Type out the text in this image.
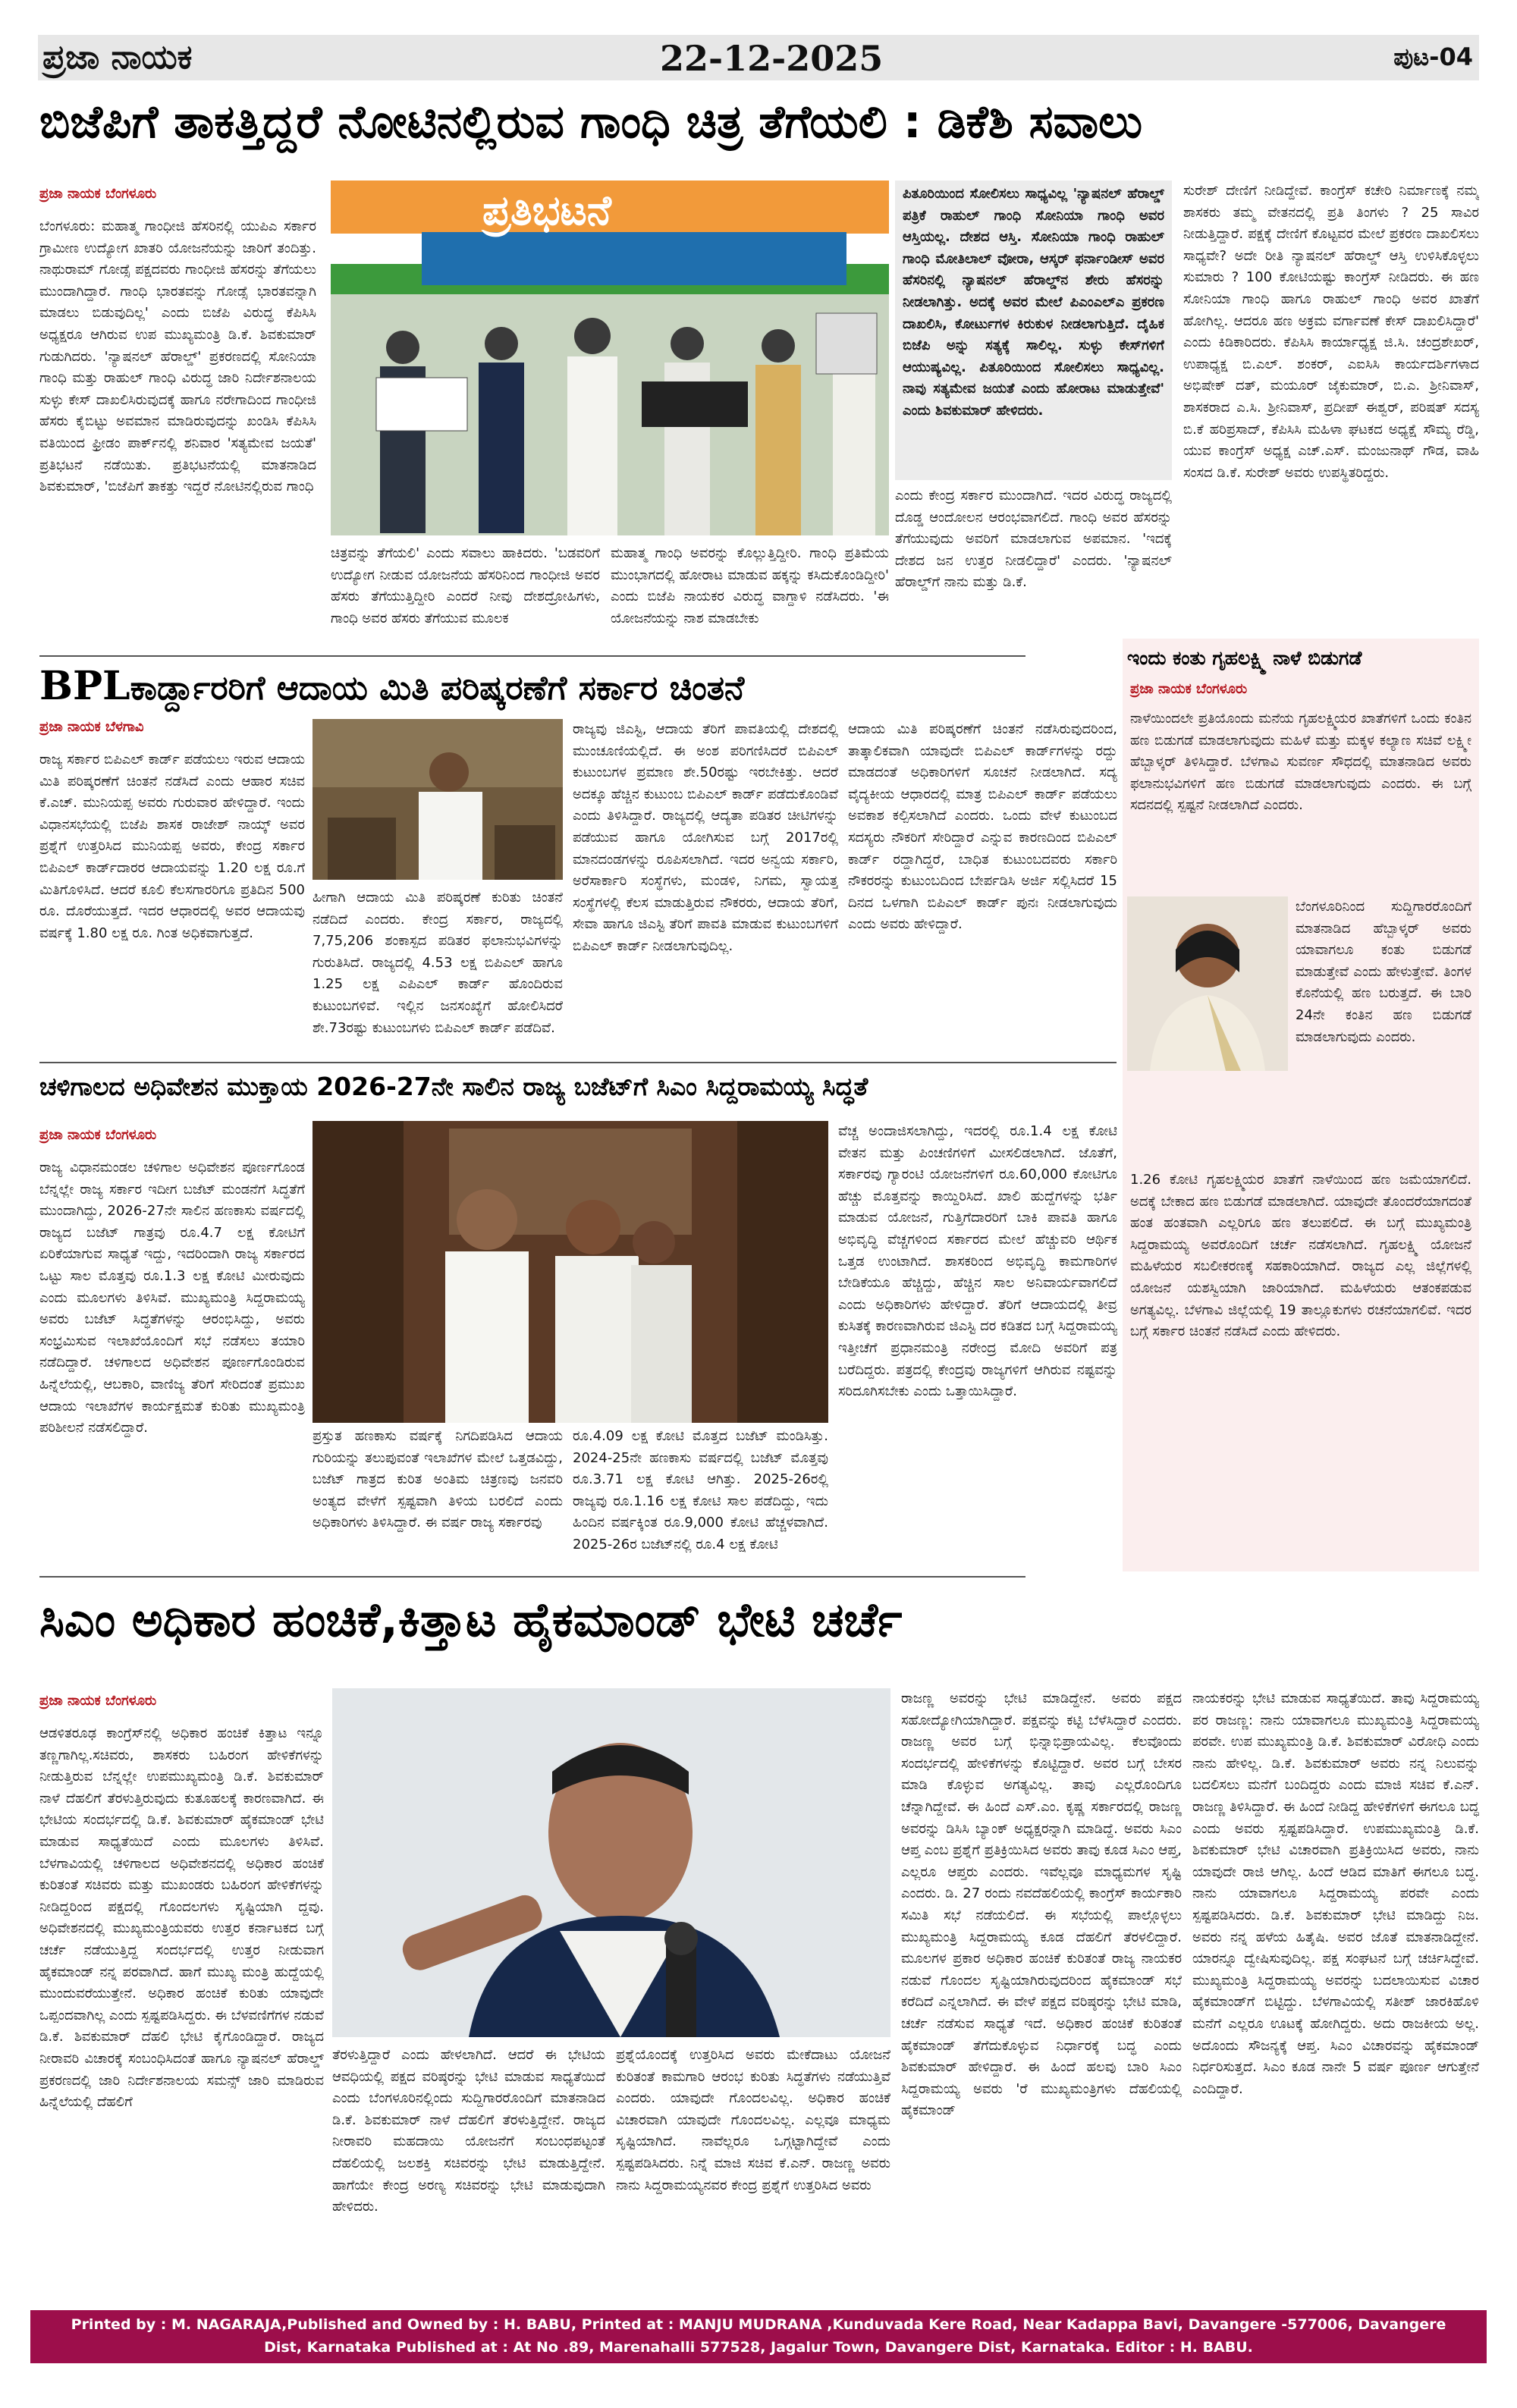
ಪ್ರಜಾ ನಾಯಕ	22-12-2025	ಪುಟ-04
ಬಿಜೆಪಿಗೆ ತಾಕತ್ತಿದ್ದರೆ ನೋಟಿನಲ್ಲಿರುವ ಗಾಂಧಿ ಚಿತ್ರ ತೆಗೆಯಲಿ : ಡಿಕೆಶಿ ಸವಾಲು
ಪ್ರಜಾ ನಾಯಕ ಬೆಂಗಳೂರು
ಬೆಂಗಳೂರು: ಮಹಾತ್ಮ ಗಾಂಧೀಜಿ ಹೆಸರಿನಲ್ಲಿ ಯುಪಿಎ ಸರ್ಕಾರ ಗ್ರಾಮೀಣ ಉದ್ಯೋಗ ಖಾತರಿ ಯೋಜನೆಯನ್ನು ಜಾರಿಗೆ ತಂದಿತ್ತು. ನಾಥುರಾಮ್ ಗೋಡ್ಸೆ ಪಕ್ಷದವರು ಗಾಂಧೀಜಿ ಹೆಸರನ್ನು ತೆಗೆಯಲು ಮುಂದಾಗಿದ್ದಾರೆ. ಗಾಂಧಿ ಭಾರತವನ್ನು ಗೋಡ್ಸೆ ಭಾರತವನ್ನಾಗಿ ಮಾಡಲು ಬಿಡುವುದಿಲ್ಲ' ಎಂದು ಬಿಜೆಪಿ ವಿರುದ್ಧ ಕೆಪಿಸಿಸಿ ಅಧ್ಯಕ್ಷರೂ ಆಗಿರುವ ಉಪ ಮುಖ್ಯಮಂತ್ರಿ ಡಿ.ಕೆ. ಶಿವಕುಮಾರ್ ಗುಡುಗಿದರು. 'ನ್ಯಾಷನಲ್ ಹೆರಾಲ್ಡ್' ಪ್ರಕರಣದಲ್ಲಿ ಸೋನಿಯಾ ಗಾಂಧಿ ಮತ್ತು ರಾಹುಲ್ ಗಾಂಧಿ ವಿರುದ್ಧ ಜಾರಿ ನಿರ್ದೇಶನಾಲಯ ಸುಳ್ಳು ಕೇಸ್ ದಾಖಲಿಸಿರುವುದಕ್ಕೆ ಹಾಗೂ ನರೇಗಾದಿಂದ ಗಾಂಧೀಜಿ ಹೆಸರು ಕೈಬಿಟ್ಟು ಅವಮಾನ ಮಾಡಿರುವುದನ್ನು ಖಂಡಿಸಿ ಕೆಪಿಸಿಸಿ ವತಿಯಿಂದ ಫ್ರೀಡಂ ಪಾರ್ಕ್‌ನಲ್ಲಿ ಶನಿವಾರ 'ಸತ್ಯಮೇವ ಜಯತೆ' ಪ್ರತಿಭಟನೆ ನಡೆಯಿತು. ಪ್ರತಿಭಟನೆಯಲ್ಲಿ ಮಾತನಾಡಿದ ಶಿವಕುಮಾರ್, 'ಬಿಜೆಪಿಗೆ ತಾಕತ್ತು ಇದ್ದರೆ ನೋಟಿನಲ್ಲಿರುವ ಗಾಂಧಿ
ಪ್ರತಿಭಟನೆ
ಚಿತ್ರವನ್ನು ತೆಗೆಯಲಿ' ಎಂದು ಸವಾಲು ಹಾಕಿದರು. 'ಬಡವರಿಗೆ ಉದ್ಯೋಗ ನೀಡುವ ಯೋಜನೆಯ ಹೆಸರಿನಿಂದ ಗಾಂಧೀಜಿ ಅವರ ಹೆಸರು ತೆಗೆಯುತ್ತಿದ್ದೀರಿ ಎಂದರೆ ನೀವು ದೇಶದ್ರೋಹಿಗಳು, ಗಾಂಧಿ ಅವರ ಹೆಸರು ತೆಗೆಯುವ ಮೂಲಕ
ಮಹಾತ್ಮ ಗಾಂಧಿ ಅವರನ್ನು ಕೊಲ್ಲುತ್ತಿದ್ದೀರಿ. ಗಾಂಧಿ ಪ್ರತಿಮೆಯ ಮುಂಭಾಗದಲ್ಲಿ ಹೋರಾಟ ಮಾಡುವ ಹಕ್ಕನ್ನು ಕಸಿದುಕೊಂಡಿದ್ದೀರಿ' ಎಂದು ಬಿಜೆಪಿ ನಾಯಕರ ವಿರುದ್ಧ ವಾಗ್ದಾಳಿ ನಡೆಸಿದರು. 'ಈ ಯೋಜನೆಯನ್ನು ನಾಶ ಮಾಡಬೇಕು
ಪಿತೂರಿಯಿಂದ ಸೋಲಿಸಲು ಸಾಧ್ಯವಿಲ್ಲ 'ನ್ಯಾಷನಲ್ ಹೆರಾಲ್ಡ್ ಪತ್ರಿಕೆ ರಾಹುಲ್ ಗಾಂಧಿ ಸೋನಿಯಾ ಗಾಂಧಿ ಅವರ ಆಸ್ತಿಯಲ್ಲ. ದೇಶದ ಆಸ್ತಿ. ಸೋನಿಯಾ ಗಾಂಧಿ ರಾಹುಲ್ ಗಾಂಧಿ ಮೋತಿಲಾಲ್ ವೋರಾ, ಆಸ್ಕರ್ ಫರ್ನಾಂಡೀಸ್ ಅವರ ಹೆಸರಿನಲ್ಲಿ ನ್ಯಾಷನಲ್ ಹೆರಾಲ್ಡ್‌ನ ಶೇರು ಹೆಸರನ್ನು ನೀಡಲಾಗಿತ್ತು. ಅದಕ್ಕೆ ಅವರ ಮೇಲೆ ಪಿಎಂಎಲ್‌ಎ ಪ್ರಕರಣ ದಾಖಲಿಸಿ, ಕೋರ್ಟುಗಳ ಕಿರುಕುಳ ನೀಡಲಾಗುತ್ತಿದೆ. ದೈಹಿಕ ಬಿಜೆಪಿ ಅನ್ನು ಸತ್ಯಕ್ಕೆ ಸಾಲಿಲ್ಲ. ಸುಳ್ಳು ಕೇಸ್‌ಗಳಿಗೆ ಆಯುಷ್ಯವಿಲ್ಲ. ಪಿತೂರಿಯಿಂದ ಸೋಲಿಸಲು ಸಾಧ್ಯವಿಲ್ಲ. ನಾವು ಸತ್ಯಮೇವ ಜಯತೆ ಎಂದು ಹೋರಾಟ ಮಾಡುತ್ತೇವೆ' ಎಂದು ಶಿವಕುಮಾರ್ ಹೇಳಿದರು.
ಎಂದು ಕೇಂದ್ರ ಸರ್ಕಾರ ಮುಂದಾಗಿದೆ. ಇದರ ವಿರುದ್ಧ ರಾಜ್ಯದಲ್ಲಿ ದೊಡ್ಡ ಆಂದೋಲನ ಆರಂಭವಾಗಲಿದೆ. ಗಾಂಧಿ ಅವರ ಹೆಸರನ್ನು ತೆಗೆಯುವುದು ಅವರಿಗೆ ಮಾಡಲಾಗುವ ಅಪಮಾನ. 'ಇದಕ್ಕೆ ದೇಶದ ಜನ ಉತ್ತರ ನೀಡಲಿದ್ದಾರೆ' ಎಂದರು. 'ನ್ಯಾಷನಲ್ ಹೆರಾಲ್ಡ್‌ಗೆ ನಾನು ಮತ್ತು ಡಿ.ಕೆ.
ಸುರೇಶ್ ದೇಣಿಗೆ ನೀಡಿದ್ದೇವೆ. ಕಾಂಗ್ರೆಸ್ ಕಚೇರಿ ನಿರ್ಮಾಣಕ್ಕೆ ನಮ್ಮ ಶಾಸಕರು ತಮ್ಮ ವೇತನದಲ್ಲಿ ಪ್ರತಿ ತಿಂಗಳು ? 25 ಸಾವಿರ ನೀಡುತ್ತಿದ್ದಾರೆ. ಪಕ್ಷಕ್ಕೆ ದೇಣಿಗೆ ಕೊಟ್ಟವರ ಮೇಲೆ ಪ್ರಕರಣ ದಾಖಲಿಸಲು ಸಾಧ್ಯವೇ? ಅದೇ ರೀತಿ ನ್ಯಾಷನಲ್ ಹೆರಾಲ್ಡ್ ಆಸ್ತಿ ಉಳಿಸಿಕೊಳ್ಳಲು ಸುಮಾರು ? 100 ಕೋಟಿಯಷ್ಟು ಕಾಂಗ್ರೆಸ್ ನೀಡಿದರು. ಈ ಹಣ ಸೋನಿಯಾ ಗಾಂಧಿ ಹಾಗೂ ರಾಹುಲ್ ಗಾಂಧಿ ಅವರ ಖಾತೆಗೆ ಹೋಗಿಲ್ಲ. ಆದರೂ ಹಣ ಅಕ್ರಮ ವರ್ಗಾವಣೆ ಕೇಸ್ ದಾಖಲಿಸಿದ್ದಾರೆ' ಎಂದು ಕಿಡಿಕಾರಿದರು. ಕೆಪಿಸಿಸಿ ಕಾರ್ಯಾಧ್ಯಕ್ಷ ಜಿ.ಸಿ. ಚಂದ್ರಶೇಖರ್, ಉಪಾಧ್ಯಕ್ಷ ಬಿ.ಎಲ್. ಶಂಕರ್, ಎಐಸಿಸಿ ಕಾರ್ಯದರ್ಶಿಗಳಾದ ಅಭಿಷೇಕ್ ದತ್, ಮಯೂರ್ ಜೈಕುಮಾರ್, ಬಿ.ಎ. ಶ್ರೀನಿವಾಸ್, ಶಾಸಕರಾದ ಎ.ಸಿ. ಶ್ರೀನಿವಾಸ್, ಪ್ರದೀಪ್ ಈಶ್ವರ್, ಪರಿಷತ್ ಸದಸ್ಯ ಬಿ.ಕೆ ಹರಿಪ್ರಸಾದ್, ಕೆಪಿಸಿಸಿ ಮಹಿಳಾ ಘಟಕದ ಅಧ್ಯಕ್ಷೆ ಸೌಮ್ಯ ರೆಡ್ಡಿ, ಯುವ ಕಾಂಗ್ರೆಸ್ ಅಧ್ಯಕ್ಷ ಎಚ್.ಎಸ್. ಮಂಜುನಾಥ್ ಗೌಡ, ವಾಹಿ ಸಂಸದ ಡಿ.ಕೆ. ಸುರೇಶ್ ಅವರು ಉಪಸ್ಥಿತರಿದ್ದರು.
BPLಕಾರ್ಡ್ದಾರರಿಗೆ ಆದಾಯ ಮಿತಿ ಪರಿಷ್ಕರಣೆಗೆ ಸರ್ಕಾರ ಚಿಂತನೆ
ಪ್ರಜಾ ನಾಯಕ ಬೆಳಗಾವಿ
ರಾಜ್ಯ ಸರ್ಕಾರ ಬಿಪಿಎಲ್ ಕಾರ್ಡ್ ಪಡೆಯಲು ಇರುವ ಆದಾಯ ಮಿತಿ ಪರಿಷ್ಕರಣೆಗೆ ಚಿಂತನೆ ನಡೆಸಿದೆ ಎಂದು ಆಹಾರ ಸಚಿವ ಕೆ.ಎಚ್. ಮುನಿಯಪ್ಪ ಅವರು ಗುರುವಾರ ಹೇಳಿದ್ದಾರೆ. ಇಂದು ವಿಧಾನಸಭೆಯಲ್ಲಿ ಬಿಜೆಪಿ ಶಾಸಕ ರಾಜೇಶ್ ನಾಯ್ಕ್ ಅವರ ಪ್ರಶ್ನೆಗೆ ಉತ್ತರಿಸಿದ ಮುನಿಯಪ್ಪ ಅವರು, ಕೇಂದ್ರ ಸರ್ಕಾರ ಬಿಪಿಎಲ್ ಕಾರ್ಡ್‌ದಾರರ ಆದಾಯವನ್ನು 1.20 ಲಕ್ಷ ರೂ.ಗೆ ಮಿತಿಗೊಳಿಸಿದೆ. ಆದರೆ ಕೂಲಿ ಕೆಲಸಗಾರರಿಗೂ ಪ್ರತಿದಿನ 500 ರೂ. ದೊರೆಯುತ್ತದೆ. ಇದರ ಆಧಾರದಲ್ಲಿ ಅವರ ಆದಾಯವು ವರ್ಷಕ್ಕೆ 1.80 ಲಕ್ಷ ರೂ. ಗಿಂತ ಅಧಿಕವಾಗುತ್ತದೆ.
ಹೀಗಾಗಿ ಆದಾಯ ಮಿತಿ ಪರಿಷ್ಕರಣೆ ಕುರಿತು ಚಿಂತನೆ ನಡೆದಿದೆ ಎಂದರು. ಕೇಂದ್ರ ಸರ್ಕಾರ, ರಾಜ್ಯದಲ್ಲಿ 7,75,206 ಶಂಕಾಸ್ಪದ ಪಡಿತರ ಫಲಾನುಭವಿಗಳನ್ನು ಗುರುತಿಸಿದೆ. ರಾಜ್ಯದಲ್ಲಿ 4.53 ಲಕ್ಷ ಬಿಪಿಎಲ್ ಹಾಗೂ 1.25 ಲಕ್ಷ ಎಪಿಎಲ್ ಕಾರ್ಡ್ ಹೊಂದಿರುವ ಕುಟುಂಬಗಳಿವೆ. ಇಲ್ಲಿನ ಜನಸಂಖ್ಯೆಗೆ ಹೋಲಿಸಿದರೆ ಶೇ.73ರಷ್ಟು ಕುಟುಂಬಗಳು ಬಿಪಿಎಲ್ ಕಾರ್ಡ್ ಪಡೆದಿವೆ.
ರಾಜ್ಯವು ಜಿಎಸ್ಟಿ, ಆದಾಯ ತೆರಿಗೆ ಪಾವತಿಯಲ್ಲಿ ದೇಶದಲ್ಲಿ ಮುಂಚೂಣಿಯಲ್ಲಿದೆ. ಈ ಅಂಶ ಪರಿಗಣಿಸಿದರೆ ಬಿಪಿಎಲ್ ಕುಟುಂಬಗಳ ಪ್ರಮಾಣ ಶೇ.50ರಷ್ಟು ಇರಬೇಕಿತ್ತು. ಆದರೆ ಅದಕ್ಕೂ ಹೆಚ್ಚಿನ ಕುಟುಂಬ ಬಿಪಿಎಲ್ ಕಾರ್ಡ್ ಪಡೆದುಕೊಂಡಿವೆ ಎಂದು ತಿಳಿಸಿದ್ದಾರೆ. ರಾಜ್ಯದಲ್ಲಿ ಆದ್ಯತಾ ಪಡಿತರ ಚೀಟಿಗಳನ್ನು ಪಡೆಯುವ ಹಾಗೂ ಯೋಗಿಸುವ ಬಗ್ಗೆ 2017ರಲ್ಲಿ ಮಾನದಂಡಗಳನ್ನು ರೂಪಿಸಲಾಗಿದೆ. ಇದರ ಅನ್ವಯ ಸರ್ಕಾರಿ, ಅರೆಸಾರ್ಕಾರಿ ಸಂಸ್ಥೆಗಳು, ಮಂಡಳಿ, ನಿಗಮ, ಸ್ವಾಯತ್ತ ಸಂಸ್ಥೆಗಳಲ್ಲಿ ಕೆಲಸ ಮಾಡುತ್ತಿರುವ ನೌಕರರು, ಆದಾಯ ತೆರಿಗೆ, ಸೇವಾ ಹಾಗೂ ಜಿಎಸ್ಟಿ ತೆರಿಗೆ ಪಾವತಿ ಮಾಡುವ ಕುಟುಂಬಗಳಿಗೆ ಬಿಪಿಎಲ್ ಕಾರ್ಡ್ ನೀಡಲಾಗುವುದಿಲ್ಲ.
ಆದಾಯ ಮಿತಿ ಪರಿಷ್ಕರಣೆಗೆ ಚಿಂತನೆ ನಡೆಸಿರುವುದರಿಂದ, ತಾತ್ಕಾಲಿಕವಾಗಿ ಯಾವುದೇ ಬಿಪಿಎಲ್ ಕಾರ್ಡ್‌ಗಳನ್ನು ರದ್ದು ಮಾಡದಂತೆ ಅಧಿಕಾರಿಗಳಿಗೆ ಸೂಚನೆ ನೀಡಲಾಗಿದೆ. ಸದ್ಯ ವೈದ್ಯಕೀಯ ಆಧಾರದಲ್ಲಿ ಮಾತ್ರ ಬಿಪಿಎಲ್ ಕಾರ್ಡ್ ಪಡೆಯಲು ಅವಕಾಶ ಕಲ್ಪಿಸಲಾಗಿದೆ ಎಂದರು. ಒಂದು ವೇಳೆ ಕುಟುಂಬದ ಸದಸ್ಯರು ನೌಕರಿಗೆ ಸೇರಿದ್ದಾರೆ ಎನ್ನುವ ಕಾರಣದಿಂದ ಬಿಪಿಎಲ್ ಕಾರ್ಡ್ ರದ್ದಾಗಿದ್ದರೆ, ಬಾಧಿತ ಕುಟುಂಬದವರು ಸರ್ಕಾರಿ ನೌಕರರನ್ನು ಕುಟುಂಬದಿಂದ ಬೇರ್ಪಡಿಸಿ ಅರ್ಜಿ ಸಲ್ಲಿಸಿದರೆ 15 ದಿನದ ಒಳಗಾಗಿ ಬಿಪಿಎಲ್ ಕಾರ್ಡ್ ಪುನಃ ನೀಡಲಾಗುವುದು ಎಂದು ಅವರು ಹೇಳಿದ್ದಾರೆ.
ಇಂದು ಕಂತು ಗೃಹಲಕ್ಷ್ಮಿ ನಾಳೆ ಬಿಡುಗಡೆ
ಪ್ರಜಾ ನಾಯಕ ಬೆಂಗಳೂರು
ನಾಳೆಯಿಂದಲೇ ಪ್ರತಿಯೊಂದು ಮನೆಯ ಗೃಹಲಕ್ಷ್ಮಿಯರ ಖಾತೆಗಳಿಗೆ ಒಂದು ಕಂತಿನ ಹಣ ಬಿಡುಗಡೆ ಮಾಡಲಾಗುವುದು ಮಹಿಳೆ ಮತ್ತು ಮಕ್ಕಳ ಕಲ್ಯಾಣ ಸಚಿವೆ ಲಕ್ಷ್ಮೀ ಹೆಬ್ಬಾಳ್ಕರ್ ತಿಳಿಸಿದ್ದಾರೆ. ಬೆಳಗಾವಿ ಸುವರ್ಣ ಸೌಧದಲ್ಲಿ ಮಾತನಾಡಿದ ಅವರು ಫಲಾನುಭವಿಗಳಿಗೆ ಹಣ ಬಿಡುಗಡೆ ಮಾಡಲಾಗುವುದು ಎಂದರು. ಈ ಬಗ್ಗೆ ಸದನದಲ್ಲಿ ಸ್ಪಷ್ಟನೆ ನೀಡಲಾಗಿದೆ ಎಂದರು.
ಬೆಂಗಳೂರಿನಿಂದ ಸುದ್ದಿಗಾರರೊಂದಿಗೆ ಮಾತನಾಡಿದ ಹೆಬ್ಬಾಳ್ಕರ್ ಅವರು ಯಾವಾಗಲೂ ಕಂತು ಬಿಡುಗಡೆ ಮಾಡುತ್ತೇವೆ ಎಂದು ಹೇಳುತ್ತೇವೆ. ತಿಂಗಳ ಕೊನೆಯಲ್ಲಿ ಹಣ ಬರುತ್ತದೆ. ಈ ಬಾರಿ 24ನೇ ಕಂತಿನ ಹಣ ಬಿಡುಗಡೆ ಮಾಡಲಾಗುವುದು ಎಂದರು.
1.26 ಕೋಟಿ ಗೃಹಲಕ್ಷ್ಮಿಯರ ಖಾತೆಗೆ ನಾಳೆಯಿಂದ ಹಣ ಜಮೆಯಾಗಲಿದೆ. ಅದಕ್ಕೆ ಬೇಕಾದ ಹಣ ಬಿಡುಗಡೆ ಮಾಡಲಾಗಿದೆ. ಯಾವುದೇ ತೊಂದರೆಯಾಗದಂತೆ ಹಂತ ಹಂತವಾಗಿ ಎಲ್ಲರಿಗೂ ಹಣ ತಲುಪಲಿದೆ. ಈ ಬಗ್ಗೆ ಮುಖ್ಯಮಂತ್ರಿ ಸಿದ್ದರಾಮಯ್ಯ ಅವರೊಂದಿಗೆ ಚರ್ಚೆ ನಡೆಸಲಾಗಿದೆ. ಗೃಹಲಕ್ಷ್ಮಿ ಯೋಜನೆ ಮಹಿಳೆಯರ ಸಬಲೀಕರಣಕ್ಕೆ ಸಹಕಾರಿಯಾಗಿದೆ. ರಾಜ್ಯದ ಎಲ್ಲ ಜಿಲ್ಲೆಗಳಲ್ಲಿ ಯೋಜನೆ ಯಶಸ್ವಿಯಾಗಿ ಜಾರಿಯಾಗಿದೆ. ಮಹಿಳೆಯರು ಆತಂಕಪಡುವ ಅಗತ್ಯವಿಲ್ಲ. ಬೆಳಗಾವಿ ಜಿಲ್ಲೆಯಲ್ಲಿ 19 ತಾಲ್ಲೂಕುಗಳು ರಚನೆಯಾಗಲಿವೆ. ಇದರ ಬಗ್ಗೆ ಸರ್ಕಾರ ಚಿಂತನೆ ನಡೆಸಿದೆ ಎಂದು ಹೇಳಿದರು.
ಚಳಿಗಾಲದ ಅಧಿವೇಶನ ಮುಕ್ತಾಯ 2026-27ನೇ ಸಾಲಿನ ರಾಜ್ಯ ಬಜೆಟ್‌ಗೆ ಸಿಎಂ ಸಿದ್ದರಾಮಯ್ಯ ಸಿದ್ಧತೆ
ಪ್ರಜಾ ನಾಯಕ ಬೆಂಗಳೂರು
ರಾಜ್ಯ ವಿಧಾನಮಂಡಲ ಚಳಿಗಾಲ ಅಧಿವೇಶನ ಪೂರ್ಣಗೊಂಡ ಬೆನ್ನಲ್ಲೇ ರಾಜ್ಯ ಸರ್ಕಾರ ಇದೀಗ ಬಜೆಟ್ ಮಂಡನೆಗೆ ಸಿದ್ಧತೆಗೆ ಮುಂದಾಗಿದ್ದು, 2026-27ನೇ ಸಾಲಿನ ಹಣಕಾಸು ವರ್ಷದಲ್ಲಿ ರಾಜ್ಯದ ಬಜೆಟ್ ಗಾತ್ರವು ರೂ.4.7 ಲಕ್ಷ ಕೋಟಿಗೆ ಏರಿಕೆಯಾಗುವ ಸಾಧ್ಯತೆ ಇದ್ದು, ಇದರಿಂದಾಗಿ ರಾಜ್ಯ ಸರ್ಕಾರದ ಒಟ್ಟು ಸಾಲ ಮೊತ್ತವು ರೂ.1.3 ಲಕ್ಷ ಕೋಟಿ ಮೀರುವುದು ಎಂದು ಮೂಲಗಳು ತಿಳಿಸಿವೆ. ಮುಖ್ಯಮಂತ್ರಿ ಸಿದ್ದರಾಮಯ್ಯ ಅವರು ಬಜೆಟ್ ಸಿದ್ಧತೆಗಳನ್ನು ಆರಂಭಿಸಿದ್ದು, ಅವರು ಸಂಭ್ರಮಿಸುವ ಇಲಾಖೆಯೊಂದಿಗೆ ಸಭೆ ನಡೆಸಲು ತಯಾರಿ ನಡೆದಿದ್ದಾರೆ. ಚಳಿಗಾಲದ ಅಧಿವೇಶನ ಪೂರ್ಣಗೊಂಡಿರುವ ಹಿನ್ನೆಲೆಯಲ್ಲಿ, ಆಬಕಾರಿ, ವಾಣಿಜ್ಯ ತೆರಿಗೆ ಸೇರಿದಂತೆ ಪ್ರಮುಖ ಆದಾಯ ಇಲಾಖೆಗಳ ಕಾರ್ಯಕ್ಷಮತೆ ಕುರಿತು ಮುಖ್ಯಮಂತ್ರಿ ಪರಿಶೀಲನೆ ನಡೆಸಲಿದ್ದಾರೆ.
ಪ್ರಸ್ತುತ ಹಣಕಾಸು ವರ್ಷಕ್ಕೆ ನಿಗದಿಪಡಿಸಿದ ಆದಾಯ ಗುರಿಯನ್ನು ತಲುಪುವಂತೆ ಇಲಾಖೆಗಳ ಮೇಲೆ ಒತ್ತಡವಿದ್ದು, ಬಜೆಟ್ ಗಾತ್ರದ ಕುರಿತ ಅಂತಿಮ ಚಿತ್ರಣವು ಜನವರಿ ಅಂತ್ಯದ ವೇಳೆಗೆ ಸ್ಪಷ್ಟವಾಗಿ ತಿಳಿಯ ಬರಲಿದೆ ಎಂದು ಅಧಿಕಾರಿಗಳು ತಿಳಿಸಿದ್ದಾರೆ. ಈ ವರ್ಷ ರಾಜ್ಯ ಸರ್ಕಾರವು
ರೂ.4.09 ಲಕ್ಷ ಕೋಟಿ ಮೊತ್ತದ ಬಜೆಟ್ ಮಂಡಿಸಿತ್ತು. 2024-25ನೇ ಹಣಕಾಸು ವರ್ಷದಲ್ಲಿ ಬಜೆಟ್ ಮೊತ್ತವು ರೂ.3.71 ಲಕ್ಷ ಕೋಟಿ ಆಗಿತ್ತು. 2025-26ರಲ್ಲಿ ರಾಜ್ಯವು ರೂ.1.16 ಲಕ್ಷ ಕೋಟಿ ಸಾಲ ಪಡೆದಿದ್ದು, ಇದು ಹಿಂದಿನ ವರ್ಷಕ್ಕಿಂತ ರೂ.9,000 ಕೋಟಿ ಹೆಚ್ಚಳವಾಗಿದೆ. 2025-26ರ ಬಜೆಟ್‌ನಲ್ಲಿ ರೂ.4 ಲಕ್ಷ ಕೋಟಿ
ವೆಚ್ಚ ಅಂದಾಜಿಸಲಾಗಿದ್ದು, ಇದರಲ್ಲಿ ರೂ.1.4 ಲಕ್ಷ ಕೋಟಿ ವೇತನ ಮತ್ತು ಪಿಂಚಣಿಗಳಿಗೆ ಮೀಸಲಿಡಲಾಗಿದೆ. ಜೊತೆಗೆ, ಸರ್ಕಾರವು ಗ್ಯಾರಂಟಿ ಯೋಜನೆಗಳಿಗೆ ರೂ.60,000 ಕೋಟಿಗೂ ಹೆಚ್ಚು ಮೊತ್ತವನ್ನು ಕಾಯ್ದಿರಿಸಿದೆ. ಖಾಲಿ ಹುದ್ದೆಗಳನ್ನು ಭರ್ತಿ ಮಾಡುವ ಯೋಜನೆ, ಗುತ್ತಿಗೆದಾರರಿಗೆ ಬಾಕಿ ಪಾವತಿ ಹಾಗೂ ಅಭಿವೃದ್ಧಿ ವೆಚ್ಚಗಳಿಂದ ಸರ್ಕಾರದ ಮೇಲೆ ಹೆಚ್ಚುವರಿ ಆರ್ಥಿಕ ಒತ್ತಡ ಉಂಟಾಗಿದೆ. ಶಾಸಕರಿಂದ ಅಭಿವೃದ್ಧಿ ಕಾಮಗಾರಿಗಳ ಬೇಡಿಕೆಯೂ ಹೆಚ್ಚಿದ್ದು, ಹೆಚ್ಚಿನ ಸಾಲ ಅನಿವಾರ್ಯವಾಗಲಿದೆ ಎಂದು ಅಧಿಕಾರಿಗಳು ಹೇಳಿದ್ದಾರೆ. ತೆರಿಗೆ ಆದಾಯದಲ್ಲಿ ತೀವ್ರ ಕುಸಿತಕ್ಕೆ ಕಾರಣವಾಗಿರುವ ಜಿಎಸ್ಟಿ ದರ ಕಡಿತದ ಬಗ್ಗೆ ಸಿದ್ದರಾಮಯ್ಯ ಇತ್ತೀಚೆಗೆ ಪ್ರಧಾನಮಂತ್ರಿ ನರೇಂದ್ರ ಮೋದಿ ಅವರಿಗೆ ಪತ್ರ ಬರೆದಿದ್ದರು. ಪತ್ರದಲ್ಲಿ ಕೇಂದ್ರವು ರಾಜ್ಯಗಳಿಗೆ ಆಗಿರುವ ನಷ್ಟವನ್ನು ಸರಿದೂಗಿಸಬೇಕು ಎಂದು ಒತ್ತಾಯಿಸಿದ್ದಾರೆ.
ಸಿಎಂ ಅಧಿಕಾರ ಹಂಚಿಕೆ,ಕಿತ್ತಾಟ ಹೈಕಮಾಂಡ್ ಭೇಟಿ ಚರ್ಚೆ
ಪ್ರಜಾ ನಾಯಕ ಬೆಂಗಳೂರು
ಆಡಳಿತರೂಢ ಕಾಂಗ್ರೆಸ್‌ನಲ್ಲಿ ಅಧಿಕಾರ ಹಂಚಿಕೆ ಕಿತ್ತಾಟ ಇನ್ನೂ ತಣ್ಣಗಾಗಿಲ್ಲ.ಸಚಿವರು, ಶಾಸಕರು ಬಹಿರಂಗ ಹೇಳಿಕೆಗಳನ್ನು ನೀಡುತ್ತಿರುವ ಬೆನ್ನಲ್ಲೇ ಉಪಮುಖ್ಯಮಂತ್ರಿ ಡಿ.ಕೆ. ಶಿವಕುಮಾರ್ ನಾಳೆ ದೆಹಲಿಗೆ ತೆರಳುತ್ತಿರುವುದು ಕುತೂಹಲಕ್ಕೆ ಕಾರಣವಾಗಿದೆ. ಈ ಭೇಟಿಯ ಸಂದರ್ಭದಲ್ಲಿ ಡಿ.ಕೆ. ಶಿವಕುಮಾರ್ ಹೈಕಮಾಂಡ್ ಭೇಟಿ ಮಾಡುವ ಸಾಧ್ಯತೆಯಿದೆ ಎಂದು ಮೂಲಗಳು ತಿಳಿಸಿವೆ. ಬೆಳಗಾವಿಯಲ್ಲಿ ಚಳಿಗಾಲದ ಅಧಿವೇಶನದಲ್ಲಿ ಅಧಿಕಾರ ಹಂಚಿಕೆ ಕುರಿತಂತೆ ಸಚಿವರು ಮತ್ತು ಮುಖಂಡರು ಬಹಿರಂಗ ಹೇಳಿಕೆಗಳನ್ನು ನೀಡಿದ್ದರಿಂದ ಪಕ್ಷದಲ್ಲಿ ಗೊಂದಲಗಳು ಸೃಷ್ಟಿಯಾಗಿ ದ್ದವು. ಅಧಿವೇಶನದಲ್ಲಿ ಮುಖ್ಯಮಂತ್ರಿಯವರು ಉತ್ತರ ಕರ್ನಾಟಕದ ಬಗ್ಗೆ ಚರ್ಚೆ ನಡೆಯುತ್ತಿದ್ದ ಸಂದರ್ಭದಲ್ಲಿ ಉತ್ತರ ನೀಡುವಾಗ ಹೈಕಮಾಂಡ್ ನನ್ನ ಪರವಾಗಿದೆ. ಹಾಗೆ ಮುಖ್ಯ ಮಂತ್ರಿ ಹುದ್ದೆಯಲ್ಲಿ ಮುಂದುವರೆಯುತ್ತೇನೆ. ಅಧಿಕಾರ ಹಂಚಿಕೆ ಕುರಿತು ಯಾವುದೇ ಒಪ್ಪಂದವಾಗಿಲ್ಲ ಎಂದು ಸ್ಪಷ್ಟಪಡಿಸಿದ್ದರು. ಈ ಬೆಳವಣಿಗೆಗಳ ನಡುವೆ ಡಿ.ಕೆ. ಶಿವಕುಮಾರ್ ದೆಹಲಿ ಭೇಟಿ ಕೈಗೊಂಡಿದ್ದಾರೆ. ರಾಜ್ಯದ ನೀರಾವರಿ ವಿಚಾರಕ್ಕೆ ಸಂಬಂಧಿಸಿದಂತೆ ಹಾಗೂ ನ್ಯಾಷನಲ್ ಹೆರಾಲ್ಡ್ ಪ್ರಕರಣದಲ್ಲಿ ಜಾರಿ ನಿರ್ದೇಶನಾಲಯ ಸಮನ್ಸ್ ಜಾರಿ ಮಾಡಿರುವ ಹಿನ್ನೆಲೆಯಲ್ಲಿ ದೆಹಲಿಗೆ
ತೆರಳುತ್ತಿದ್ದಾರೆ ಎಂದು ಹೇಳಲಾಗಿದೆ. ಆದರೆ ಈ ಭೇಟಿಯ ಆವಧಿಯಲ್ಲಿ ಪಕ್ಷದ ವರಿಷ್ಠರನ್ನು ಭೇಟಿ ಮಾಡುವ ಸಾಧ್ಯತೆಯಿದೆ ಎಂದು ಬೆಂಗಳೂರಿನಲ್ಲಿಂದು ಸುದ್ದಿಗಾರರೊಂದಿಗೆ ಮಾತನಾಡಿದ ಡಿ.ಕೆ. ಶಿವಕುಮಾರ್ ನಾಳೆ ದೆಹಲಿಗೆ ತೆರಳುತ್ತಿದ್ದೇನೆ. ರಾಜ್ಯದ ನೀರಾವರಿ ಮಹದಾಯಿ ಯೋಜನೆಗೆ ಸಂಬಂಧಪಟ್ಟಂತೆ ದೆಹಲಿಯಲ್ಲಿ ಜಲಶಕ್ತಿ ಸಚಿವರನ್ನು ಭೇಟಿ ಮಾಡುತ್ತಿದ್ದೇನೆ. ಹಾಗೆಯೇ ಕೇಂದ್ರ ಅರಣ್ಯ ಸಚಿವರನ್ನು ಭೇಟಿ ಮಾಡುವುದಾಗಿ ಹೇಳಿದರು.
ಪ್ರಶ್ನೆಯೊಂದಕ್ಕೆ ಉತ್ತರಿಸಿದ ಅವರು ಮೇಕೆದಾಟು ಯೋಜನೆ ಕುರಿತಂತೆ ಕಾಮಗಾರಿ ಆರಂಭ ಕುರಿತು ಸಿದ್ಧತೆಗಳು ನಡೆಯುತ್ತಿವೆ ಎಂದರು. ಯಾವುದೇ ಗೊಂದಲವಿಲ್ಲ. ಅಧಿಕಾರ ಹಂಚಿಕೆ ವಿಚಾರವಾಗಿ ಯಾವುದೇ ಗೊಂದಲವಿಲ್ಲ. ಎಲ್ಲವೂ ಮಾಧ್ಯಮ ಸೃಷ್ಟಿಯಾಗಿದೆ. ನಾವೆಲ್ಲರೂ ಒಗ್ಗಟ್ಟಾಗಿದ್ದೇವೆ ಎಂದು ಸ್ಪಷ್ಟಪಡಿಸಿದರು. ನಿನ್ನೆ ಮಾಜಿ ಸಚಿವ ಕೆ.ಎನ್. ರಾಜಣ್ಣ ಅವರು ನಾನು ಸಿದ್ದರಾಮಯ್ಯನವರ ಕೇಂದ್ರ ಪ್ರಶ್ನೆಗೆ ಉತ್ತರಿಸಿದ ಅವರು
ರಾಜಣ್ಣ ಅವರನ್ನು ಭೇಟಿ ಮಾಡಿದ್ದೇನೆ. ಅವರು ಪಕ್ಷದ ಸಹೋದ್ಯೋಗಿಯಾಗಿದ್ದಾರೆ. ಪಕ್ಷವನ್ನು ಕಟ್ಟಿ ಬೆಳೆಸಿದ್ದಾರೆ ಎಂದರು. ರಾಜಣ್ಣ ಅವರ ಬಗ್ಗೆ ಭಿನ್ನಾಭಿಪ್ರಾಯವಿಲ್ಲ. ಕೆಲವೊಂದು ಸಂದರ್ಭದಲ್ಲಿ ಹೇಳಿಕೆಗಳನ್ನು ಕೊಟ್ಟಿದ್ದಾರೆ. ಅವರ ಬಗ್ಗೆ ಬೇಸರ ಮಾಡಿ ಕೊಳ್ಳುವ ಅಗತ್ಯವಿಲ್ಲ. ತಾವು ಎಲ್ಲರೊಂದಿಗೂ ಚೆನ್ನಾಗಿದ್ದೇವೆ. ಈ ಹಿಂದೆ ಎಸ್.ಎಂ. ಕೃಷ್ಣ ಸರ್ಕಾರದಲ್ಲಿ ರಾಜಣ್ಣ ಅವರನ್ನು ಡಿಸಿಸಿ ಬ್ಯಾಂಕ್ ಅಧ್ಯಕ್ಷರನ್ನಾಗಿ ಮಾಡಿದ್ದೆ. ಅವರು ಸಿಎಂ ಆಪ್ತ ಎಂಬ ಪ್ರಶ್ನೆಗೆ ಪ್ರತಿಕ್ರಿಯಿಸಿದ ಅವರು ತಾವು ಕೂಡ ಸಿಎಂ ಆಪ್ತ, ಎಲ್ಲರೂ ಆಪ್ತರು ಎಂದರು. ಇವೆಲ್ಲವೂ ಮಾಧ್ಯಮಗಳ ಸೃಷ್ಟಿ ಎಂದರು. ಡಿ. 27 ರಂದು ನವದೆಹಲಿಯಲ್ಲಿ ಕಾಂಗ್ರೆಸ್ ಕಾರ್ಯಕಾರಿ ಸಮಿತಿ ಸಭೆ ನಡೆಯಲಿದೆ. ಈ ಸಭೆಯಲ್ಲಿ ಪಾಲ್ಗೊಳ್ಳಲು ಮುಖ್ಯಮಂತ್ರಿ ಸಿದ್ದರಾಮಯ್ಯ ಕೂಡ ದೆಹಲಿಗೆ ತೆರಳಲಿದ್ದಾರೆ. ಮೂಲಗಳ ಪ್ರಕಾರ ಅಧಿಕಾರ ಹಂಚಿಕೆ ಕುರಿತಂತೆ ರಾಜ್ಯ ನಾಯಕರ ನಡುವೆ ಗೊಂದಲ ಸೃಷ್ಟಿಯಾಗಿರುವುದರಿಂದ ಹೈಕಮಾಂಡ್ ಸಭೆ ಕರೆದಿದೆ ಎನ್ನಲಾಗಿದೆ. ಈ ವೇಳೆ ಪಕ್ಷದ ವರಿಷ್ಠರನ್ನು ಭೇಟಿ ಮಾಡಿ, ಚರ್ಚೆ ನಡೆಸುವ ಸಾಧ್ಯತೆ ಇದೆ. ಅಧಿಕಾರ ಹಂಚಿಕೆ ಕುರಿತಂತೆ ಹೈಕಮಾಂಡ್ ತೆಗೆದುಕೊಳ್ಳುವ ನಿರ್ಧಾರಕ್ಕೆ ಬದ್ಧ ಎಂದು ಶಿವಕುಮಾರ್ ಹೇಳಿದ್ದಾರೆ. ಈ ಹಿಂದೆ ಹಲವು ಬಾರಿ ಸಿಎಂ ಸಿದ್ದರಾಮಯ್ಯ ಅವರು 'ರೆ ಮುಖ್ಯಮಂತ್ರಿಗಳು ದೆಹಲಿಯಲ್ಲಿ ಹೈಕಮಾಂಡ್
ನಾಯಕರನ್ನು ಭೇಟಿ ಮಾಡುವ ಸಾಧ್ಯತೆಯಿದೆ. ತಾವು ಸಿದ್ದರಾಮಯ್ಯ ಪರ ರಾಜಣ್ಣ: ನಾನು ಯಾವಾಗಲೂ ಮುಖ್ಯಮಂತ್ರಿ ಸಿದ್ದರಾಮಯ್ಯ ಪರವೇ. ಉಪ ಮುಖ್ಯಮಂತ್ರಿ ಡಿ.ಕೆ. ಶಿವಕುಮಾರ್ ವಿರೋಧಿ ಎಂದು ನಾನು ಹೇಳಿಲ್ಲ. ಡಿ.ಕೆ. ಶಿವಕುಮಾರ್ ಅವರು ನನ್ನ ನಿಲುವನ್ನು ಬದಲಿಸಲು ಮನೆಗೆ ಬಂದಿದ್ದರು ಎಂದು ಮಾಜಿ ಸಚಿವ ಕೆ.ಎನ್. ರಾಜಣ್ಣ ತಿಳಿಸಿದ್ದಾರೆ. ಈ ಹಿಂದೆ ನೀಡಿದ್ದ ಹೇಳಿಕೆಗಳಿಗೆ ಈಗಲೂ ಬದ್ಧ ಎಂದು ಅವರು ಸ್ಪಷ್ಟಪಡಿಸಿದ್ದಾರೆ. ಉಪಮುಖ್ಯಮಂತ್ರಿ ಡಿ.ಕೆ. ಶಿವಕುಮಾರ್ ಭೇಟಿ ವಿಚಾರವಾಗಿ ಪ್ರತಿಕ್ರಿಯಿಸಿದ ಅವರು, ನಾನು ಯಾವುದೇ ರಾಜಿ ಆಗಿಲ್ಲ. ಹಿಂದೆ ಆಡಿದ ಮಾತಿಗೆ ಈಗಲೂ ಬದ್ಧ. ನಾನು ಯಾವಾಗಲೂ ಸಿದ್ದರಾಮಯ್ಯ ಪರವೇ ಎಂದು ಸ್ಪಷ್ಟಪಡಿಸಿದರು. ಡಿ.ಕೆ. ಶಿವಕುಮಾರ್ ಭೇಟಿ ಮಾಡಿದ್ದು ನಿಜ. ಅವರು ನನ್ನ ಹಳೆಯ ಹಿತೈಷಿ. ಅವರ ಜೊತೆ ಮಾತನಾಡಿದ್ದೇನೆ. ಯಾರನ್ನೂ ದ್ವೇಷಿಸುವುದಿಲ್ಲ. ಪಕ್ಷ ಸಂಘಟನೆ ಬಗ್ಗೆ ಚರ್ಚಿಸಿದ್ದೇವೆ. ಮುಖ್ಯಮಂತ್ರಿ ಸಿದ್ದರಾಮಯ್ಯ ಅವರನ್ನು ಬದಲಾಯಿಸುವ ವಿಚಾರ ಹೈಕಮಾಂಡ್‌ಗೆ ಬಿಟ್ಟಿದ್ದು. ಬೆಳಗಾವಿಯಲ್ಲಿ ಸತೀಶ್ ಜಾರಕಿಹೊಳಿ ಮನೆಗೆ ಎಲ್ಲರೂ ಊಟಕ್ಕೆ ಹೋಗಿದ್ದರು. ಅದು ರಾಜಕೀಯ ಅಲ್ಲ. ಅದೊಂದು ಸೌಜನ್ಯಕ್ಕೆ ಆಪ್ತ. ಸಿಎಂ ವಿಚಾರವನ್ನು ಹೈಕಮಾಂಡ್ ನಿರ್ಧರಿಸುತ್ತದೆ. ಸಿಎಂ ಕೂಡ ನಾನೇ 5 ವರ್ಷ ಪೂರ್ಣ ಆಗುತ್ತೇನೆ ಎಂದಿದ್ದಾರೆ.
Printed by : M. NAGARAJA,Published and Owned by : H. BABU, Printed at : MANJU MUDRANA ,Kunduvada Kere Road, Near Kadappa Bavi, Davangere -577006, Davangere
Dist, Karnataka Published at : At No .89, Marenahalli 577528, Jagalur Town, Davangere Dist, Karnataka. Editor : H. BABU.
